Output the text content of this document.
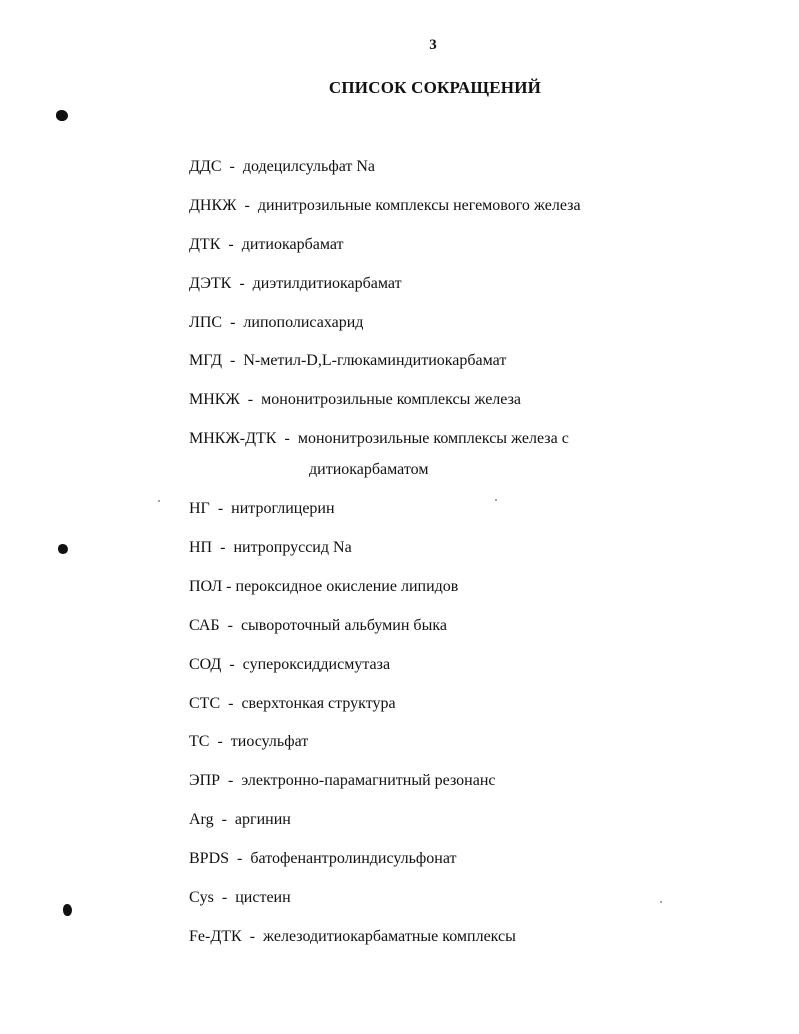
3
СПИСОК СОКРАЩЕНИЙ
ДДС  -  додецилсульфат Na
ДНКЖ  -  динитрозильные комплексы негемового железа
ДТК  -  дитиокарбамат
ДЭТК  -  диэтилдитиокарбамат
ЛПС  -  липополисахарид
МГД  -  N-метил-D,L-глюкаминдитиокарбамат
МНКЖ  -  мононитрозильные комплексы железа
МНКЖ-ДТК  -  мононитрозильные комплексы железа с
дитиокарбаматом
НГ  -  нитроглицерин
НП  -  нитропруссид Na
ПОЛ - пероксидное окисление липидов
САБ  -  сывороточный альбумин быка
СОД  -  супероксиддисмутаза
СТС  -  сверхтонкая структура
ТС  -  тиосульфат
ЭПР  -  электронно-парамагнитный резонанс
Arg  -  аргинин
BPDS  -  батофенантролиндисульфонат
Cys  -  цистеин
Fe-ДТК  -  железодитиокарбаматные комплексы
